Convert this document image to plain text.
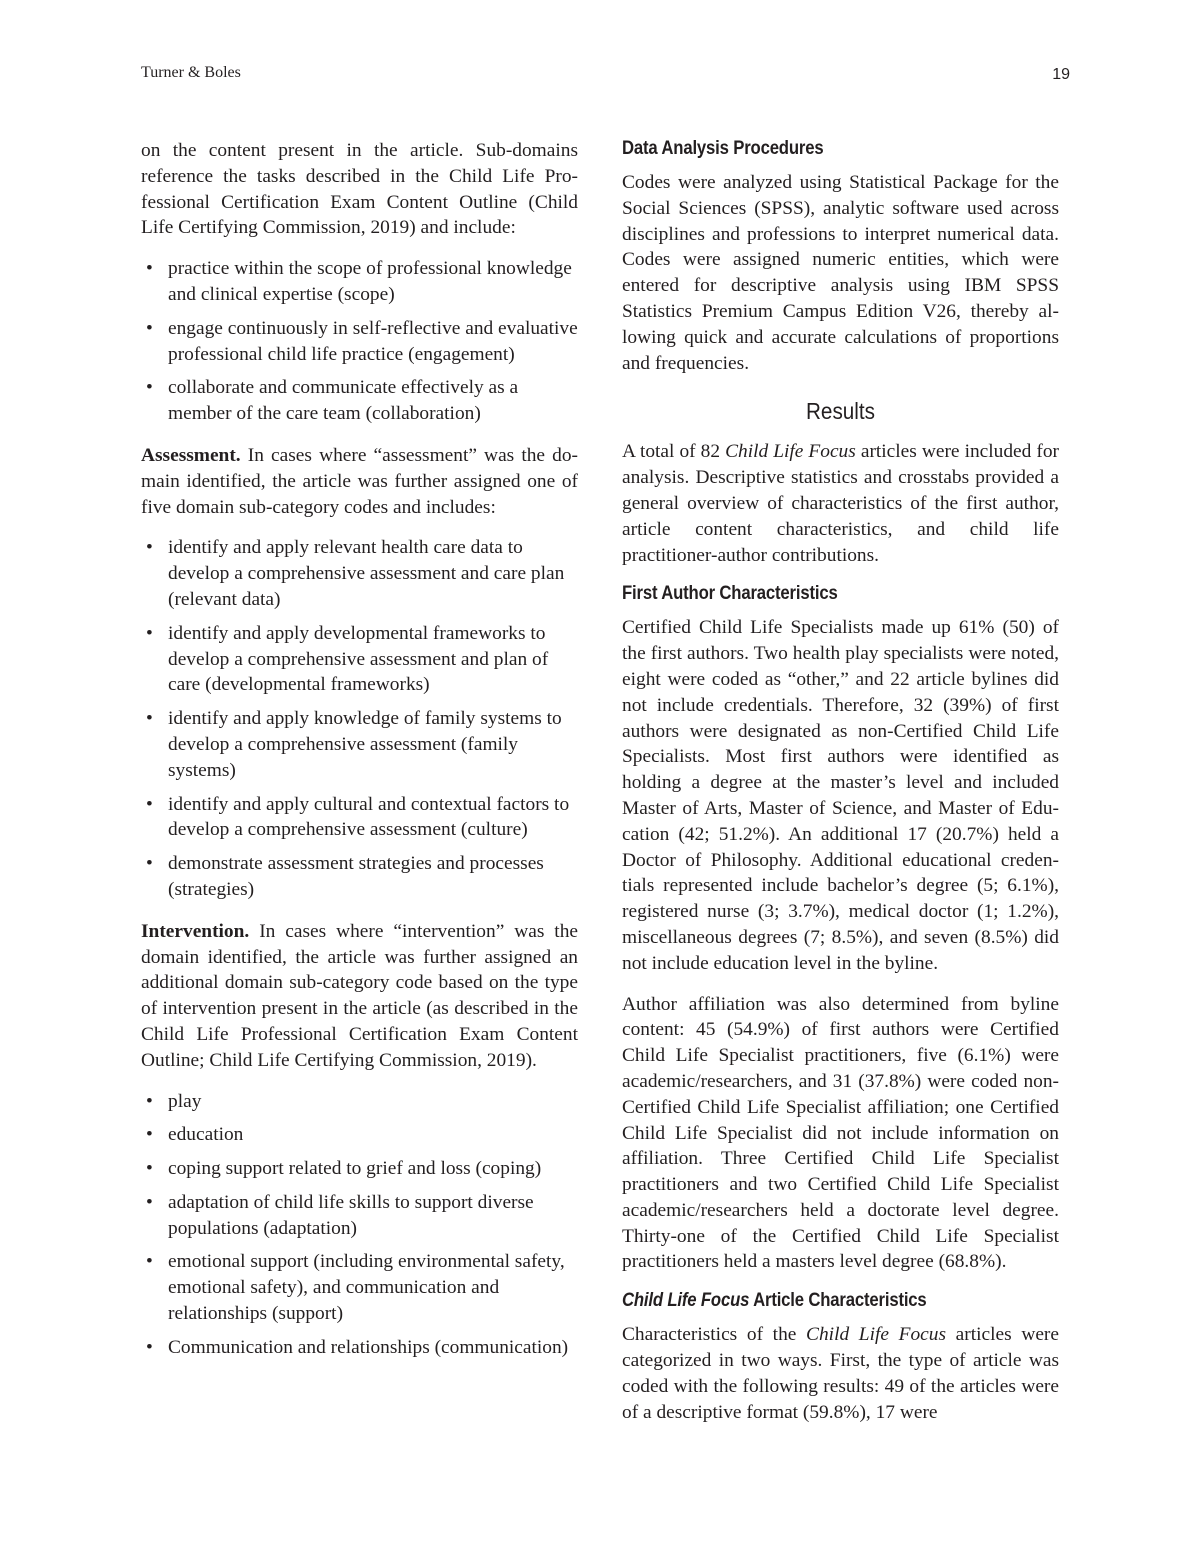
Turner & Boles	19

on the content present in the article. Sub-domains reference the tasks described in the Child Life Professional Certification Exam Content Outline (Child Life Certifying Commission, 2019) and include:

• practice within the scope of professional knowledge and clinical expertise (scope)
• engage continuously in self-reflective and evaluative professional child life practice (engagement)
• collaborate and communicate effectively as a member of the care team (collaboration)

Assessment. In cases where “assessment” was the domain identified, the article was further assigned one of five domain sub-category codes and includes:

• identify and apply relevant health care data to develop a comprehensive assessment and care plan (relevant data)
• identify and apply developmental frameworks to develop a comprehensive assessment and plan of care (developmental frameworks)
• identify and apply knowledge of family systems to develop a comprehensive assessment (family systems)
• identify and apply cultural and contextual factors to develop a comprehensive assessment (culture)
• demonstrate assessment strategies and processes (strategies)

Intervention. In cases where “intervention” was the domain identified, the article was further assigned an additional domain sub-category code based on the type of intervention present in the article (as described in the Child Life Professional Certification Exam Content Outline; Child Life Certifying Commission, 2019).

• play
• education
• coping support related to grief and loss (coping)
• adaptation of child life skills to support diverse populations (adaptation)
• emotional support (including environmental safety, emotional safety), and communication and relationships (support)
• Communication and relationships (communication)
Data Analysis Procedures

Codes were analyzed using Statistical Package for the Social Sciences (SPSS), analytic software used across disciplines and professions to interpret numerical data. Codes were assigned numeric entities, which were entered for descriptive analysis using IBM SPSS Statistics Premium Campus Edition V26, thereby allowing quick and accurate calculations of proportions and frequencies.

Results

A total of 82 Child Life Focus articles were included for analysis. Descriptive statistics and crosstabs provided a general overview of characteristics of the first author, article content characteristics, and child life practitioner-author contributions.

First Author Characteristics

Certified Child Life Specialists made up 61% (50) of the first authors. Two health play specialists were noted, eight were coded as “other,” and 22 article bylines did not include credentials. Therefore, 32 (39%) of first authors were designated as non-Certified Child Life Specialists. Most first authors were identified as holding a degree at the master’s level and included Master of Arts, Master of Science, and Master of Education (42; 51.2%). An additional 17 (20.7%) held a Doctor of Philosophy. Additional educational credentials represented include bachelor’s degree (5; 6.1%), registered nurse (3; 3.7%), medical doctor (1; 1.2%), miscellaneous degrees (7; 8.5%), and seven (8.5%) did not include education level in the byline.

Author affiliation was also determined from byline content: 45 (54.9%) of first authors were Certified Child Life Specialist practitioners, five (6.1%) were academic/researchers, and 31 (37.8%) were coded non-Certified Child Life Specialist affiliation; one Certified Child Life Specialist did not include information on affiliation. Three Certified Child Life Specialist practitioners and two Certified Child Life Specialist academic/researchers held a doctorate level degree. Thirty-one of the Certified Child Life Specialist practitioners held a masters level degree (68.8%).

Child Life Focus Article Characteristics

Characteristics of the Child Life Focus articles were categorized in two ways. First, the type of article was coded with the following results: 49 of the articles were of a descriptive format (59.8%), 17 were
